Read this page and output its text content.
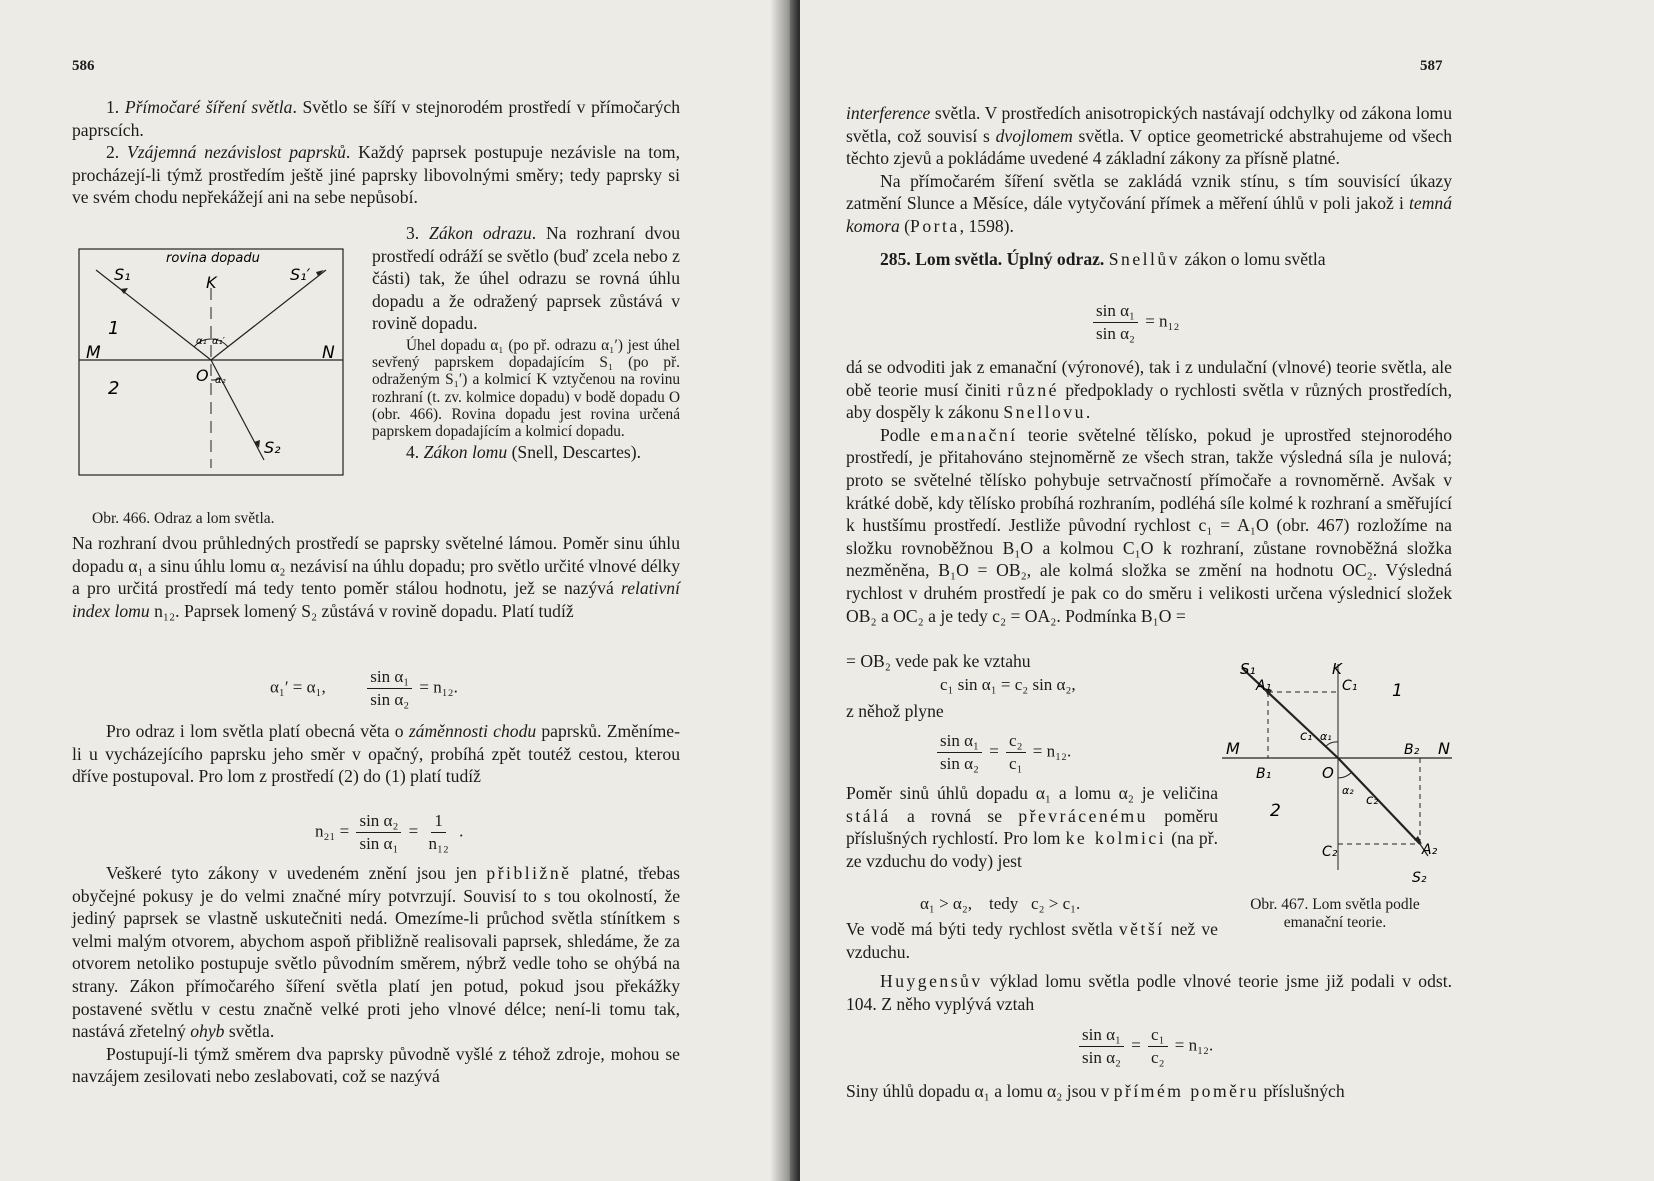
586

1. Přímočaré šíření světla. Světlo se šíří v stejnorodém prostředí v přímočarých paprscích.

2. Vzájemná nezávislost paprsků. Každý paprsek postupuje nezávisle na tom, procházejí-li týmž prostředím ještě jiné paprsky libovolnými směry; tedy paprsky si ve svém chodu nepřekážejí ani na sebe nepůsobí.

3. Zákon odrazu. Na rozhraní dvou prostředí odráží se světlo (buď zcela nebo z části) tak, že úhel odrazu se rovná úhlu dopadu a že odražený paprsek zůstává v rovině dopadu.

Úhel dopadu α₁ (po př. odrazu α₁′) jest úhel sevřený paprskem dopadajícím S₁ (po př. odraženým S₁′) a kolmicí K vztyčenou na rovinu rozhraní (t. zv. kolmice dopadu) v bodě dopadu O (obr. 466). Rovina dopadu jest rovina určená paprskem dopadajícím a kolmicí dopadu.

4. Zákon lomu (Snell, Descartes).

rovina dopadu
S₁	K	S₁′
1
M	N
2
O
S₂
α₁ α₁′
α₂
Obr. 466. Odraz a lom světla.

Na rozhraní dvou průhledných prostředí se paprsky světelné lámou. Poměr sinu úhlu dopadu α₁ a sinu úhlu lomu α₂ nezávisí na úhlu dopadu; pro světlo určité vlnové délky a pro určitá prostředí má tedy tento poměr stálou hodnotu, jež se nazývá relativní index lomu n₁₂. Paprsek lomený S₂ zůstává v rovině dopadu. Platí tudíž

α₁′ = α₁, $\frac{\text{sin α₁}}{\text{sin α₂}} = n_{12}$.

Pro odraz i lom světla platí obecná věta o záměnnosti chodu paprsků. Změníme-li u vycházejícího paprsku jeho směr v opačný, probíhá zpět toutéž cestou, kterou dříve postupoval. Pro lom z prostředí (2) do (1) platí tudíž

$n_{21} = \frac{\text{sin α₂}}{\text{sin α₁}} = \frac{1}{\text{n₁₂}}$ .

Veškeré tyto zákony v uvedeném znění jsou jen přibližně platné, třebas obyčejné pokusy je do velmi značné míry potvrzují. Souvisí to s tou okolností, že jediný paprsek se vlastně uskutečniti nedá. Omezíme-li průchod světla stínítkem s velmi malým otvorem, abychom aspoň přibližně realisovali paprsek, shledáme, že za otvorem netoliko postupuje světlo původním směrem, nýbrž vedle toho se ohýbá na strany. Zákon přímočarého šíření světla platí jen potud, pokud jsou překážky postavené světlu v cestu značně velké proti jeho vlnové délce; není-li tomu tak, nastává zřetelný ohyb světla.

Postupují-li týmž směrem dva paprsky původně vyšlé z téhož zdroje, mohou se navzájem zesilovati nebo zeslabovati, což se nazývá

587

interference světla. V prostředích anisotropických nastávají odchylky od zákona lomu světla, což souvisí s dvojlomem světla. V optice geometrické abstrahujeme od všech těchto zjevů a pokládáme uvedené 4 základní zákony za přísně platné.

Na přímočarém šíření světla se zakládá vznik stínu, s tím souvisící úkazy zatmění Slunce a Měsíce, dále vytyčování přímek a měření úhlů v poli jakož i temná komora (Porta, 1598).

285. Lom světla. Úplný odraz. Snellův zákon o lomu světla

$\frac{\text{sin α₁}}{\text{sin α₂}} = n_{12}$

dá se odvoditi jak z emanační (výronové), tak i z undulační (vlnové) teorie světla, ale obě teorie musí činiti různé předpoklady o rychlosti světla v různých prostředích, aby dospěly k zákonu Snellovu.

Podle emanační teorie světelné tělísko, pokud je uprostřed stejnorodého prostředí, je přitahováno stejnoměrně ze všech stran, takže výsledná síla je nulová; proto se světelné tělísko pohybuje setrvačností přímočaře a rovnoměrně. Avšak v krátké době, kdy tělísko probíhá rozhraním, podléhá síle kolmé k rozhraní a směřující k hustšímu prostředí. Jestliže původní rychlost c₁ = A₁O (obr. 467) rozložíme na složku rovnoběžnou B₁O a kolmou C₁O k rozhraní, zůstane rovnoběžná složka nezměněna, B₁O = OB₂, ale kolmá složka se změní na hodnotu OC₂. Výsledná rychlost v druhém prostředí je pak co do směru i velikosti určena výslednicí složek OB₂ a OC₂ a je tedy c₂ = OA₂. Podmínka B₁O =

= OB₂ vede pak ke vztahu

c₁ sin α₁ = c₂ sin α₂,

z něhož plyne

$\frac{\text{sin α₁}}{\text{sin α₂}} = \frac{\text{c₂}}{\text{c₁}} = n_{12}$.

Poměr sinů úhlů dopadu α₁ a lomu α₂ je veličina stálá a rovná se převrácenému poměru příslušných rychlostí. Pro lom ke kolmici (na př. ze vzduchu do vody) jest

α₁ > α₂,    tedy   c₂ > c₁.

Ve vodě má býti tedy rychlost světla větší než ve vzduchu.

S₁	K
A₁	C₁ 1
c₁ α₁
M	B₂ N
B₁	O
α₂
c₂
2
A₂
C₂
S₂
Obr. 467. Lom světla podle emanační teorie.

Huygensův výklad lomu světla podle vlnové teorie jsme již podali v odst. 104. Z něho vyplývá vztah

$\frac{\text{sin α₁}}{\text{sin α₂}} = \frac{\text{c₁}}{\text{c₂}} = n_{12}$.

Siny úhlů dopadu α₁ a lomu α₂ jsou v přímém poměru příslušných
